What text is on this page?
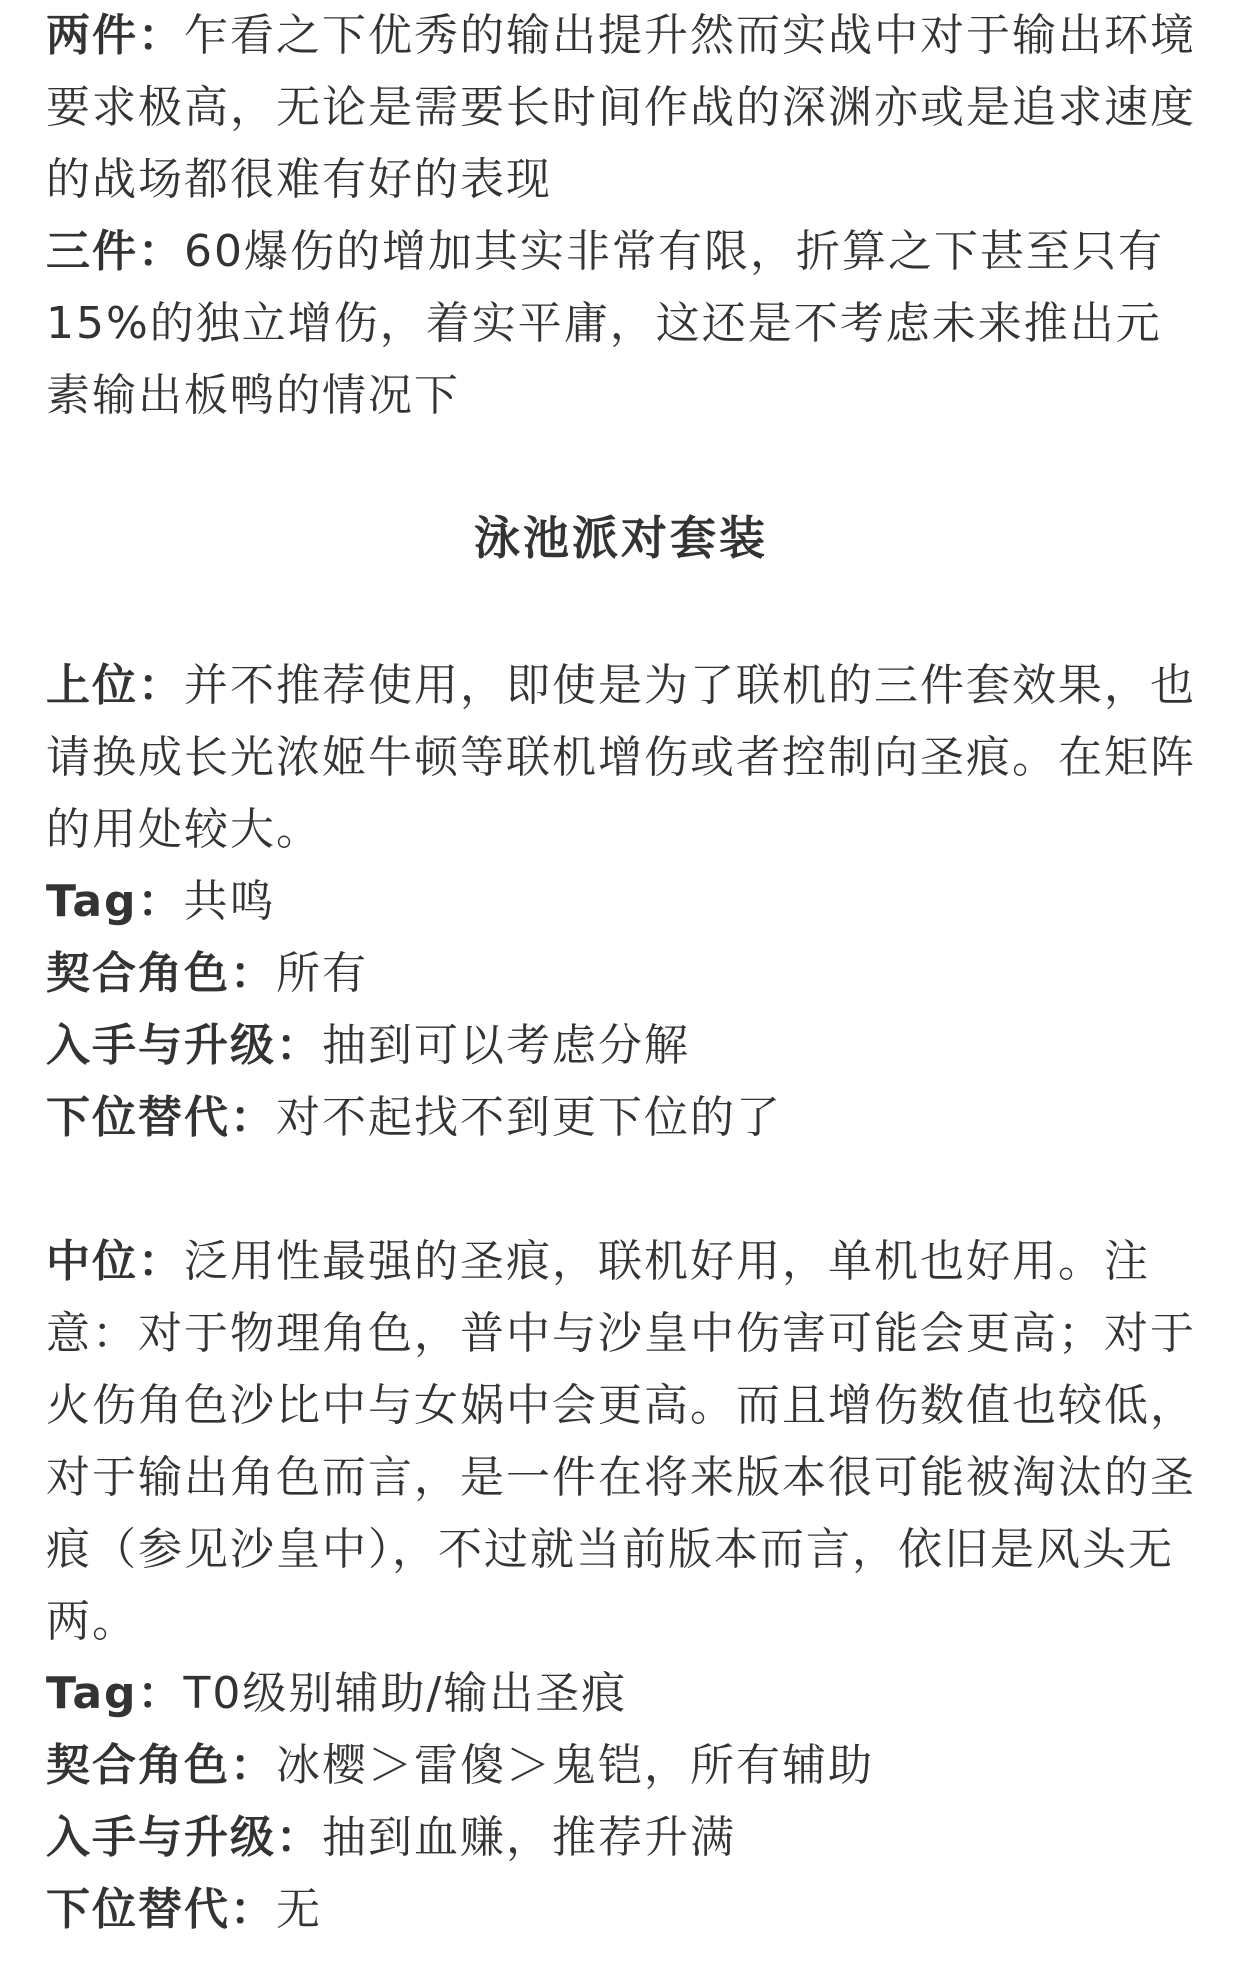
两件：乍看之下优秀的输出提升然而实战中对于输出环境要求极高，无论是需要长时间作战的深渊亦或是追求速度的战场都很难有好的表现

三件：60爆伤的增加其实非常有限，折算之下甚至只有15%的独立增伤，着实平庸，这还是不考虑未来推出元素输出板鸭的情况下

泳池派对套装

上位：并不推荐使用，即使是为了联机的三件套效果，也请换成长光浓姬牛顿等联机增伤或者控制向圣痕。在矩阵的用处较大。

Tag：共鸣

契合角色：所有

入手与升级：抽到可以考虑分解

下位替代：对不起找不到更下位的了

中位：泛用性最强的圣痕，联机好用，单机也好用。注意：对于物理角色，普中与沙皇中伤害可能会更高；对于火伤角色沙比中与女娲中会更高。而且增伤数值也较低，对于输出角色而言，是一件在将来版本很可能被淘汰的圣痕（参见沙皇中），不过就当前版本而言，依旧是风头无两。

Tag：T0级别辅助/输出圣痕

契合角色：冰樱＞雷傻＞鬼铠，所有辅助

入手与升级：抽到血赚，推荐升满

下位替代：无
